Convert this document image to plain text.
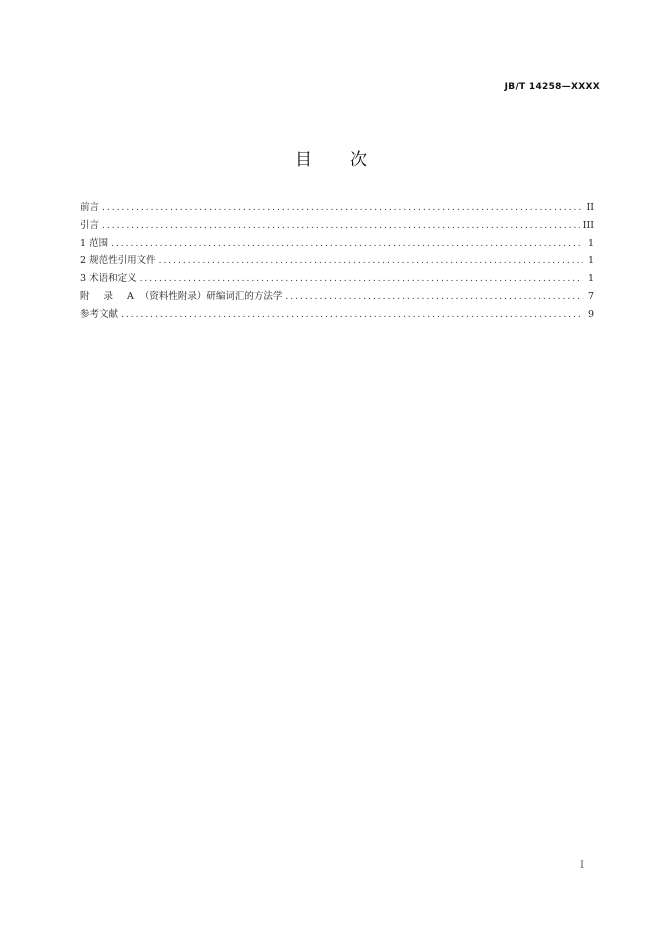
JB/T 14258—XXXX
目 次
前言 .....	II
引言 .....	III
1 范围 .....	1
2 规范性引用文件 .....	1
3 术语和定义 .....	1
附 录 A （资料性附录）研编词汇的方法学 .....	7
参考文献 .....	9
I
